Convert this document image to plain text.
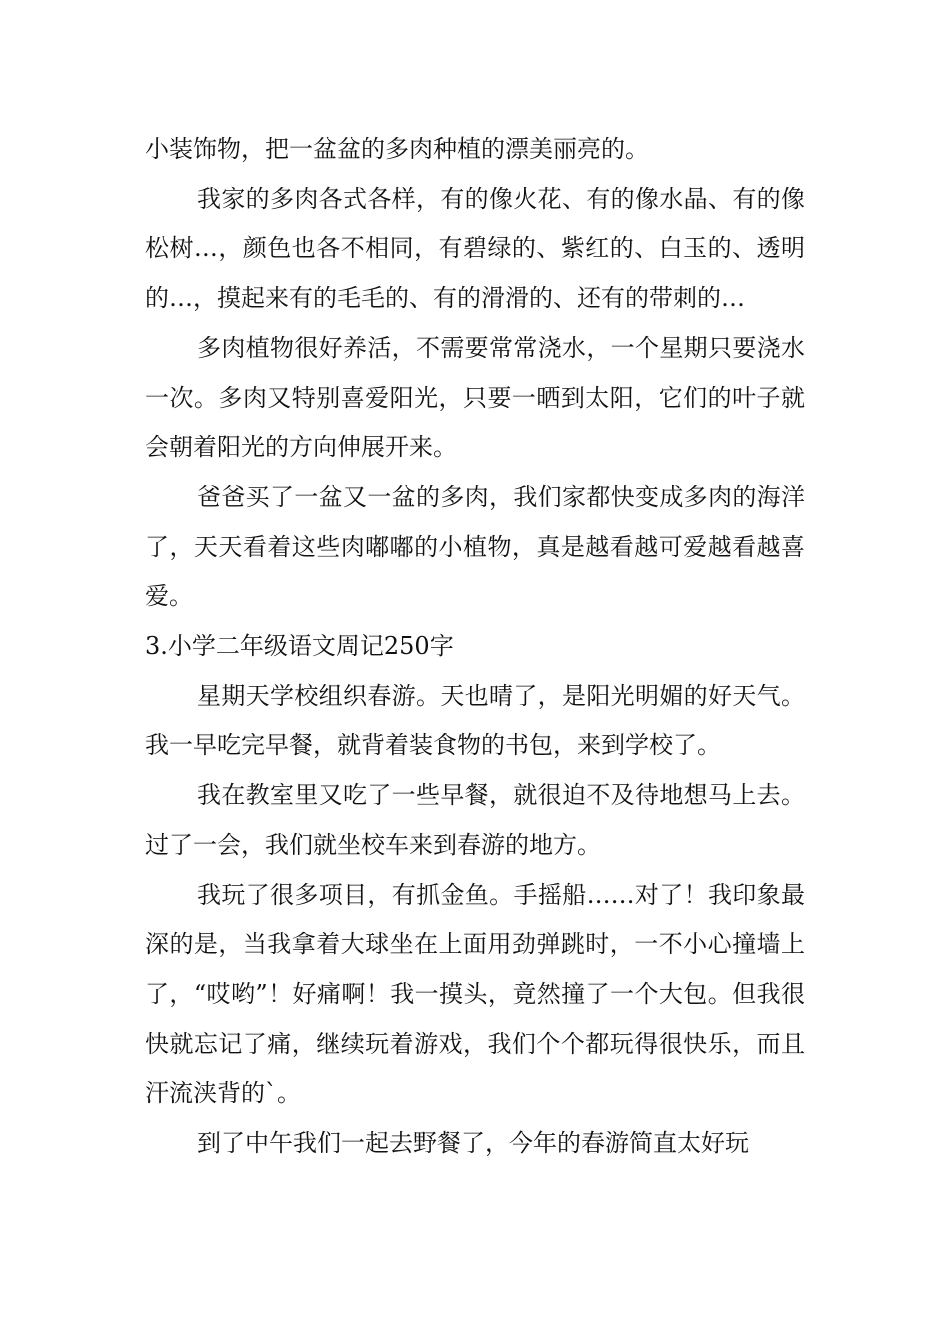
小装饰物，把一盆盆的多肉种植的漂美丽亮的。

我家的多肉各式各样，有的像火花、有的像水晶、有的像松树…，颜色也各不相同，有碧绿的、紫红的、白玉的、透明的…，摸起来有的毛毛的、有的滑滑的、还有的带刺的…

多肉植物很好养活，不需要常常浇水，一个星期只要浇水一次。多肉又特别喜爱阳光，只要一晒到太阳，它们的叶子就会朝着阳光的方向伸展开来。

爸爸买了一盆又一盆的多肉，我们家都快变成多肉的海洋了，天天看着这些肉嘟嘟的小植物，真是越看越可爱越看越喜爱。

3.小学二年级语文周记250字

星期天学校组织春游。天也晴了，是阳光明媚的好天气。我一早吃完早餐，就背着装食物的书包，来到学校了。

我在教室里又吃了一些早餐，就很迫不及待地想马上去。过了一会，我们就坐校车来到春游的地方。

我玩了很多项目，有抓金鱼。手摇船……对了！我印象最深的是，当我拿着大球坐在上面用劲弹跳时，一不小心撞墙上了，“哎哟”！好痛啊！我一摸头，竟然撞了一个大包。但我很快就忘记了痛，继续玩着游戏，我们个个都玩得很快乐，而且汗流浃背的`。

到了中午我们一起去野餐了，今年的春游简直太好玩
